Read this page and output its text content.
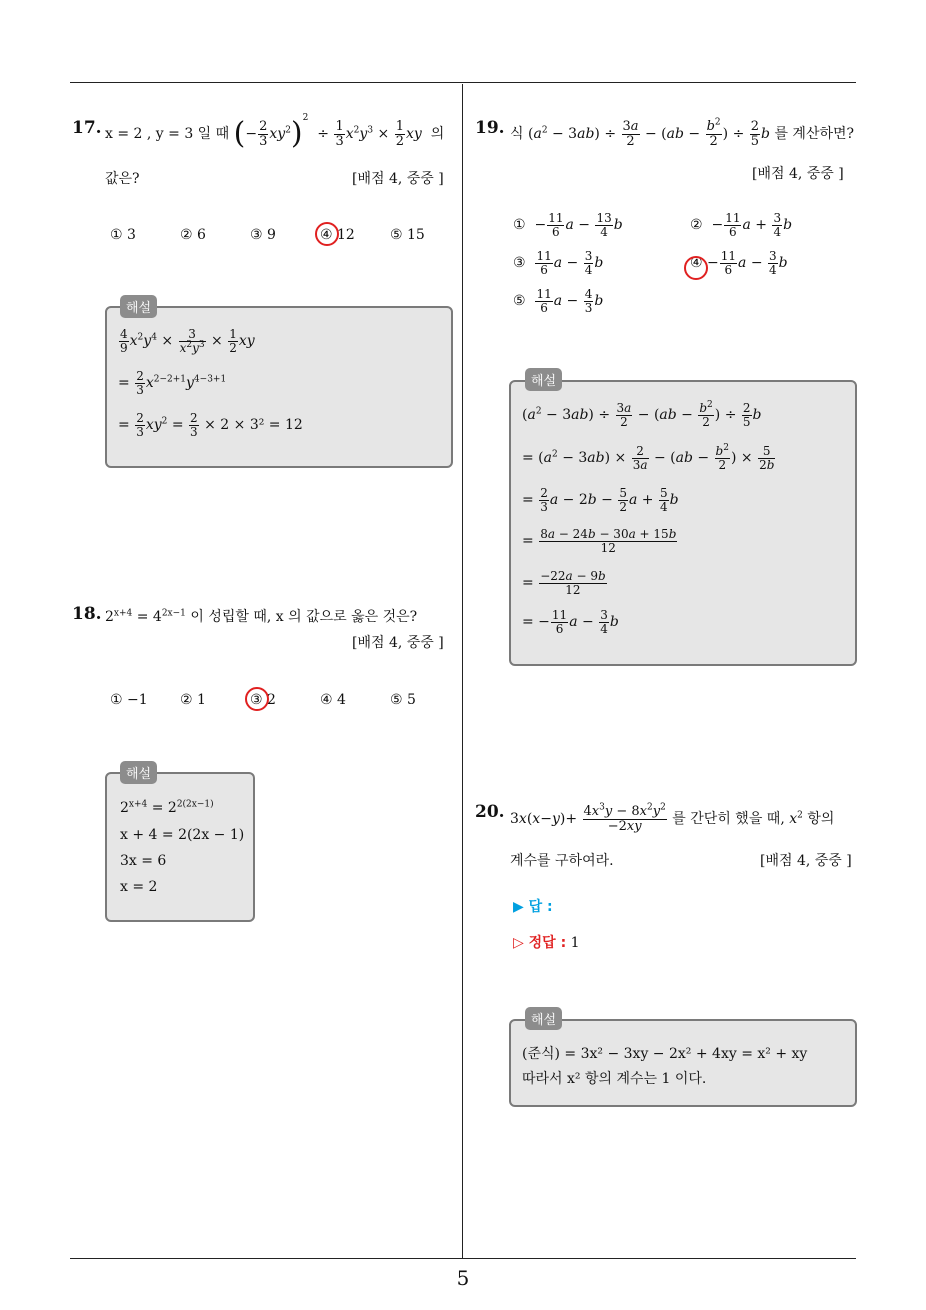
17. x = 2 , y = 3 일 때 (− $\frac{2}{3} xy^2)^2 \div \frac{1}{3} x^2y^3 \times \frac{1}{2}$ xy 의
값은?	[배점 4, 중중 ]
① 3	② 6	③ 9	④ 12	⑤ 15
해설
$\frac{4}{9} x^2y^4 \times \frac{3}{x^2y^3} \times \frac{1}{2}$ xy
= $\frac{2}{3} x^{2-2+1}y^{4-3+1}$
= $\frac{2}{3} xy^2 = \frac{2}{3} \times 2 \times 3^2 = 12$
18. $2^{x+4} = 4^{2x-1}$ 이 성립할 때, x 의 값으로 옳은 것은?
[배점 4, 중중 ]
① −1 ② 1	③ 2	④ 4	⑤ 5
해설
$2^{x+4} = 2^{2(2x-1)}$
x + 4 = 2(2x − 1)
3x = 6
x = 2
19. 식 $(a^2 - 3ab) \div \frac{3a}{2} - (ab - \frac{b^2}{2}$ ) ÷ $\frac{2}{5}$ b 를 계산하면?
[배점 4, 중중 ]
①  − $\frac{11}{6}$ $a - \frac{13}{4}$ b	②  − $\frac{11}{6}$ $a + \frac{3}{4}$ b
③ $\frac{11}{6}$ $a - \frac{3}{4}$ b	④ − $\frac{11}{6}$ $a - \frac{3}{4}$ b
⑤ $\frac{11}{6}$ $a - \frac{4}{3}$ b
해설
$(a^2 - 3ab) \div \frac{3a}{2} - (ab - \frac{b^2}{2}$ ) ÷ $\frac{2}{5}$ b
= $(a^2 - 3ab) \times \frac{2}{3a} - (ab - \frac{b^2}{2}$ ) × $\frac{5}{2b}$
= $\frac{2}{3}$ $a - 2b - \frac{5}{2}$ $a + \frac{5}{4}$ b
= $\frac{8a - 24b - 30a + 15b}{12}$
= $\frac{-22a - 9b}{12}$
= − $\frac{11}{6}$ $a - \frac{3}{4}$ b
20. $3x(x-y)+ \frac{4x^3y - 8x^2y^2}{-2xy}$ 를 간단히 했을 때, $x^2$ 항의
계수를 구하여라.	[배점 4, 중중 ]
▶ 답 :
▷ 정답 : 1
해설
(준식) = 3x² − 3xy − 2x² + 4xy = x² + xy
따라서 x² 항의 계수는 1 이다.
5
